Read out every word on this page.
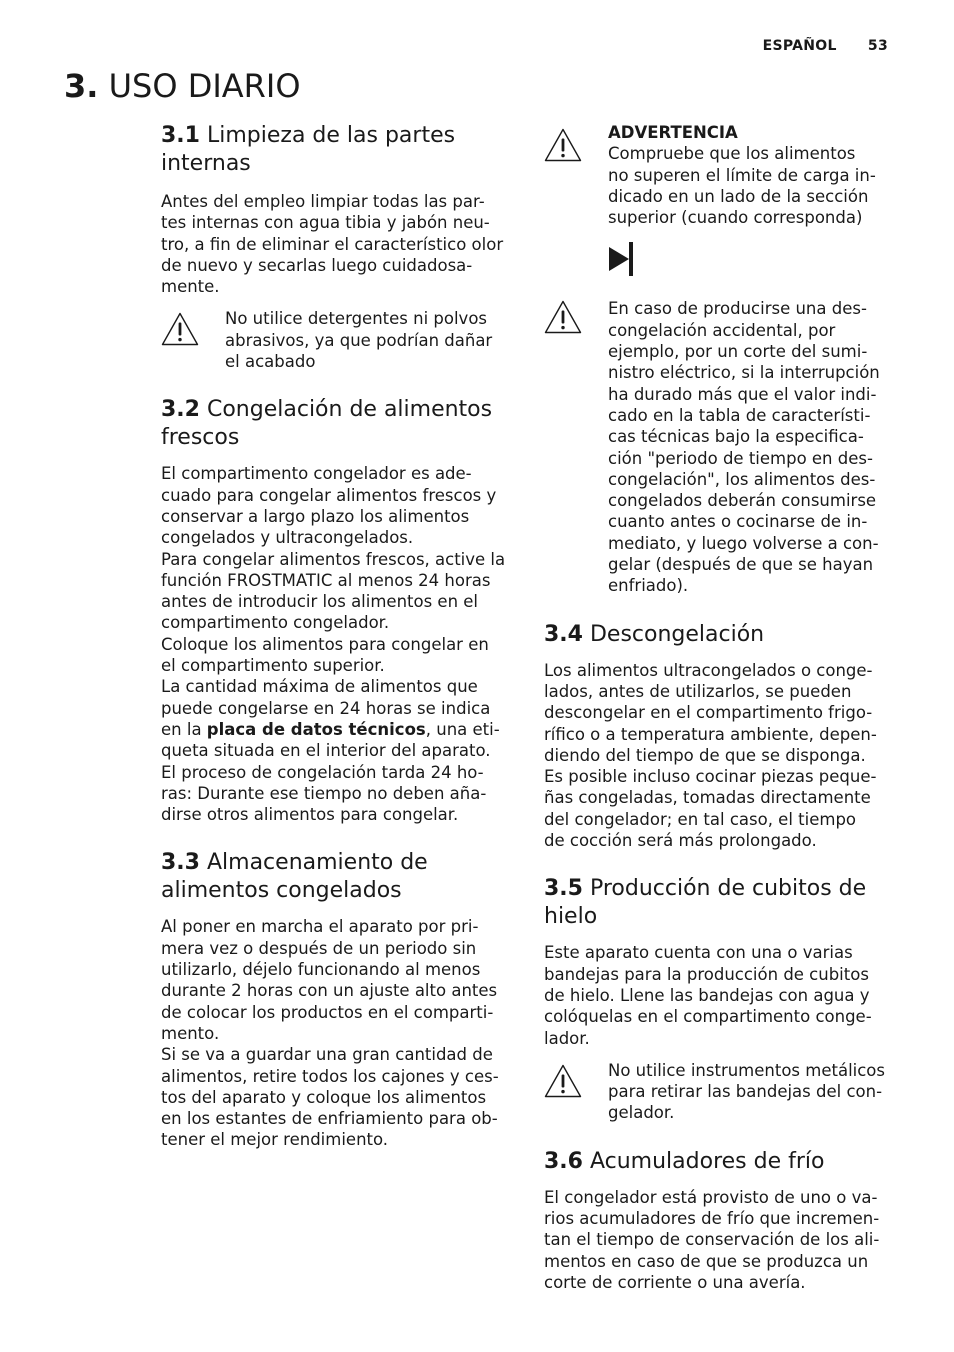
ESPAÑOL 53
3. USO DIARIO
3.1 Limpieza de las partes
internas

Antes del empleo limpiar todas las par-
tes internas con agua tibia y jabón neu-
tro, a fin de eliminar el característico olor
de nuevo y secarlas luego cuidadosa-
mente.

No utilice detergentes ni polvos
abrasivos, ya que podrían dañar
el acabado
3.2 Congelación de alimentos
frescos

El compartimento congelador es ade-
cuado para congelar alimentos frescos y
conservar a largo plazo los alimentos
congelados y ultracongelados.
Para congelar alimentos frescos, active la
función FROSTMATIC al menos 24 horas
antes de introducir los alimentos en el
compartimento congelador.
Coloque los alimentos para congelar en
el compartimento superior.
La cantidad máxima de alimentos que
puede congelarse en 24 horas se indica
en la placa de datos técnicos, una eti-
queta situada en el interior del aparato.
El proceso de congelación tarda 24 ho-
ras: Durante ese tiempo no deben aña-
dirse otros alimentos para congelar.

3.3 Almacenamiento de
alimentos congelados

Al poner en marcha el aparato por pri-
mera vez o después de un periodo sin
utilizarlo, déjelo funcionando al menos
durante 2 horas con un ajuste alto antes
de colocar los productos en el comparti-
mento.
Si se va a guardar una gran cantidad de
alimentos, retire todos los cajones y ces-
tos del aparato y coloque los alimentos
en los estantes de enfriamiento para ob-
tener el mejor rendimiento.

ADVERTENCIA
Compruebe que los alimentos
no superen el límite de carga in-
dicado en un lado de la sección
superior (cuando corresponda)
En caso de producirse una des-
congelación accidental, por
ejemplo, por un corte del sumi-
nistro eléctrico, si la interrupción
ha durado más que el valor indi-
cado en la tabla de característi-
cas técnicas bajo la especifica-
ción "periodo de tiempo en des-
congelación", los alimentos des-
congelados deberán consumirse
cuanto antes o cocinarse de in-
mediato, y luego volverse a con-
gelar (después de que se hayan
enfriado).
3.4 Descongelación

Los alimentos ultracongelados o conge-
lados, antes de utilizarlos, se pueden
descongelar en el compartimento frigo-
rífico o a temperatura ambiente, depen-
diendo del tiempo de que se disponga.
Es posible incluso cocinar piezas peque-
ñas congeladas, tomadas directamente
del congelador; en tal caso, el tiempo
de cocción será más prolongado.

3.5 Producción de cubitos de
hielo

Este aparato cuenta con una o varias
bandejas para la producción de cubitos
de hielo. Llene las bandejas con agua y
colóquelas en el compartimento conge-
lador.

No utilice instrumentos metálicos
para retirar las bandejas del con-
gelador.
3.6 Acumuladores de frío

El congelador está provisto de uno o va-
rios acumuladores de frío que incremen-
tan el tiempo de conservación de los ali-
mentos en caso de que se produzca un
corte de corriente o una avería.
